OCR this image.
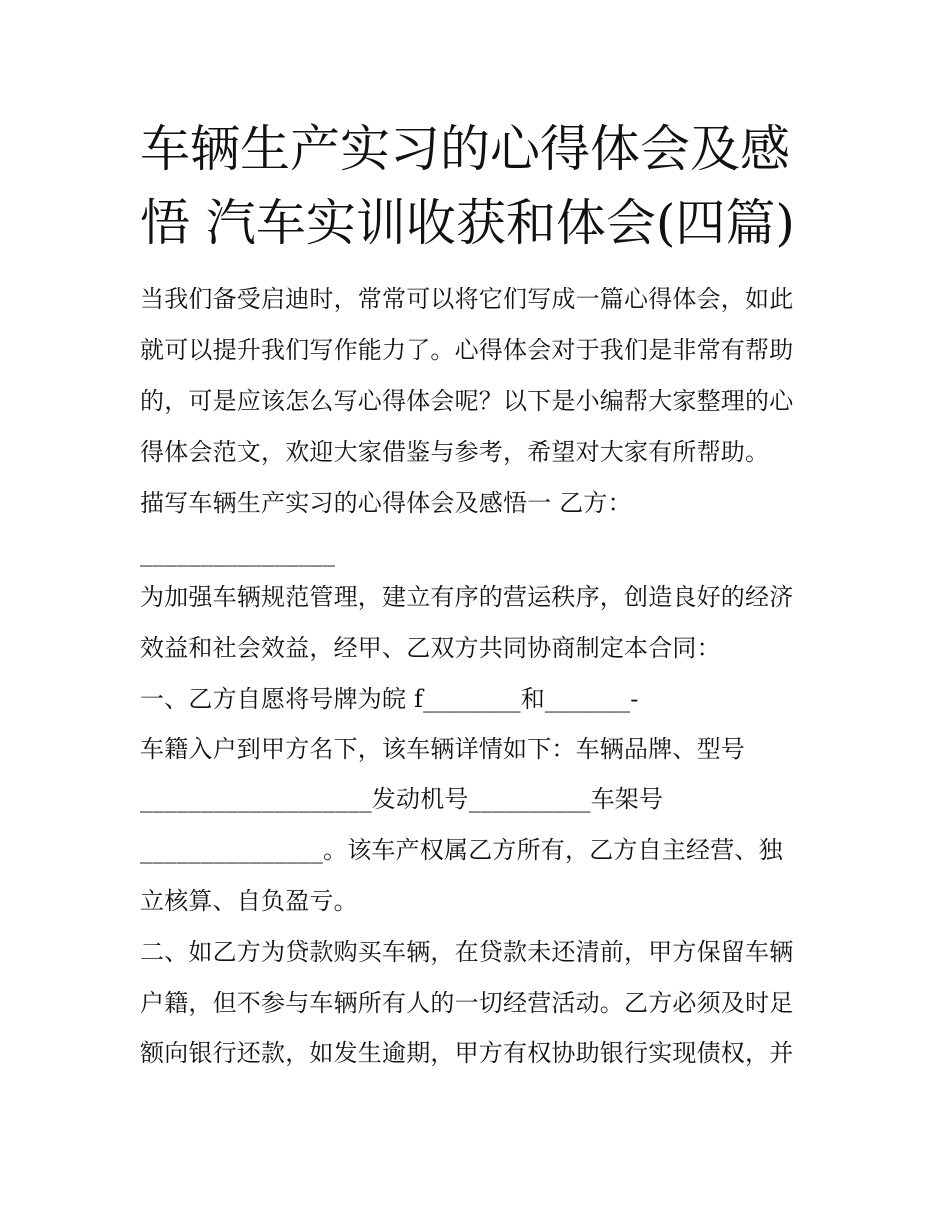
车辆生产实习的心得体会及感
悟 汽车实训收获和体会(四篇)

当我们备受启迪时，常常可以将它们写成一篇心得体会，如此

就可以提升我们写作能力了。心得体会对于我们是非常有帮助

的，可是应该怎么写心得体会呢？以下是小编帮大家整理的心

得体会范文，欢迎大家借鉴与参考，希望对大家有所帮助。

描写车辆生产实习的心得体会及感悟一 乙方：

________________

为加强车辆规范管理，建立有序的营运秩序，创造良好的经济

效益和社会效益，经甲、乙双方共同协商制定本合同：

一、乙方自愿将号牌为皖 f________和_______-

车籍入户到甲方名下，该车辆详情如下：车辆品牌、型号

___________________发动机号__________车架号

_______________。该车产权属乙方所有，乙方自主经营、独

立核算、自负盈亏。

二、如乙方为贷款购买车辆，在贷款未还清前，甲方保留车辆

户籍，但不参与车辆所有人的一切经营活动。乙方必须及时足

额向银行还款，如发生逾期，甲方有权协助银行实现债权，并
